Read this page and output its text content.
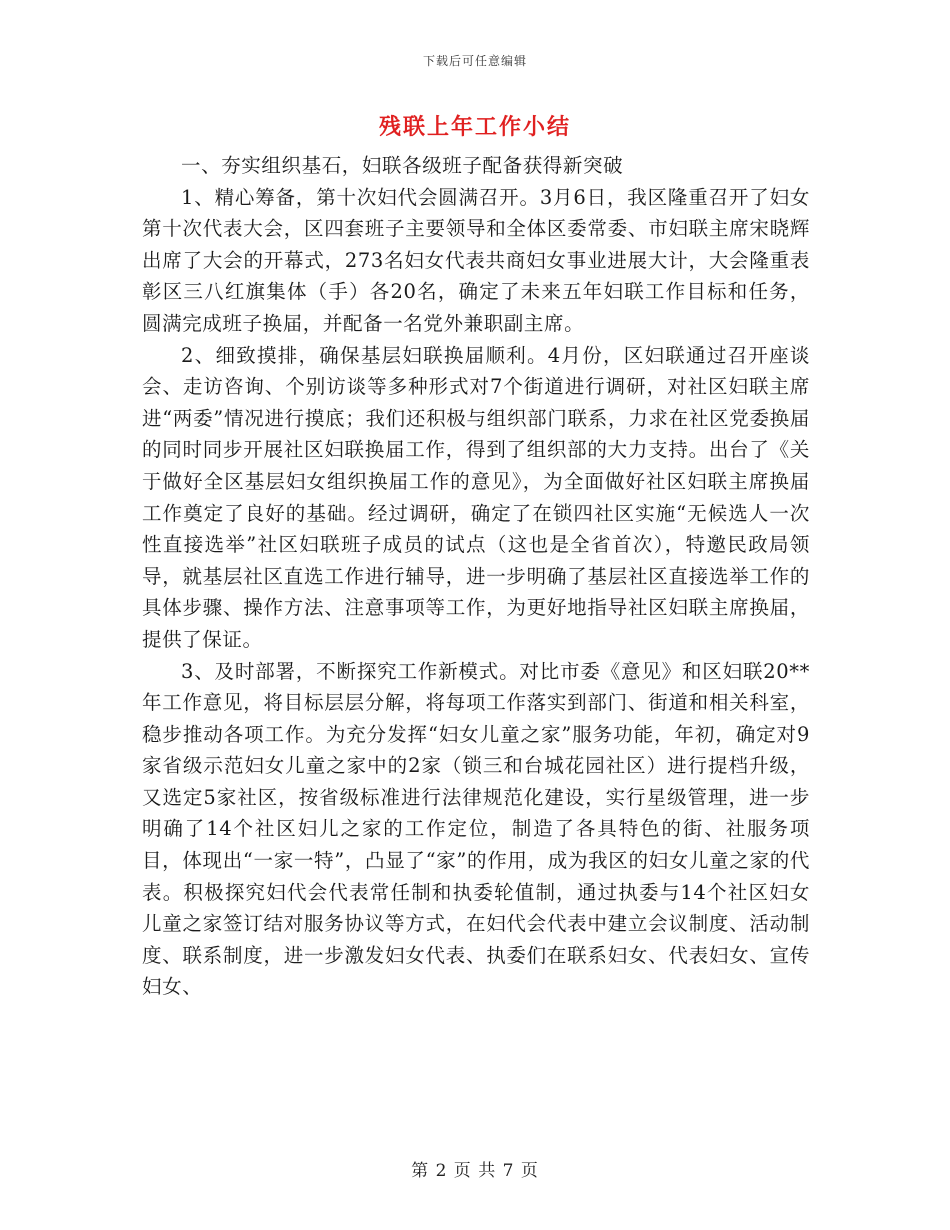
下载后可任意编辑
残联上年工作小结

一、夯实组织基石，妇联各级班子配备获得新突破

1、精心筹备，第十次妇代会圆满召开。3月6日，我区隆重召开了妇女第十次代表大会，区四套班子主要领导和全体区委常委、市妇联主席宋晓辉出席了大会的开幕式，273名妇女代表共商妇女事业进展大计，大会隆重表彰区三八红旗集体（手）各20名，确定了未来五年妇联工作目标和任务，圆满完成班子换届，并配备一名党外兼职副主席。

2、细致摸排，确保基层妇联换届顺利。4月份，区妇联通过召开座谈会、走访咨询、个别访谈等多种形式对7个街道进行调研，对社区妇联主席进“两委”情况进行摸底；我们还积极与组织部门联系，力求在社区党委换届的同时同步开展社区妇联换届工作，得到了组织部的大力支持。出台了《关于做好全区基层妇女组织换届工作的意见》，为全面做好社区妇联主席换届工作奠定了良好的基础。经过调研，确定了在锁四社区实施“无候选人一次性直接选举”社区妇联班子成员的试点（这也是全省首次），特邀民政局领导，就基层社区直选工作进行辅导，进一步明确了基层社区直接选举工作的具体步骤、操作方法、注意事项等工作，为更好地指导社区妇联主席换届，提供了保证。

3、及时部署，不断探究工作新模式。对比市委《意见》和区妇联20**年工作意见，将目标层层分解，将每项工作落实到部门、街道和相关科室，稳步推动各项工作。为充分发挥“妇女儿童之家”服务功能，年初，确定对9家省级示范妇女儿童之家中的2家（锁三和台城花园社区）进行提档升级，又选定5家社区，按省级标准进行法律规范化建设，实行星级管理，进一步明确了14个社区妇儿之家的工作定位，制造了各具特色的街、社服务项目，体现出“一家一特”，凸显了“家”的作用，成为我区的妇女儿童之家的代表。积极探究妇代会代表常任制和执委轮值制，通过执委与14个社区妇女儿童之家签订结对服务协议等方式，在妇代会代表中建立会议制度、活动制度、联系制度，进一步激发妇女代表、执委们在联系妇女、代表妇女、宣传妇女、

第 2 页 共 7 页
